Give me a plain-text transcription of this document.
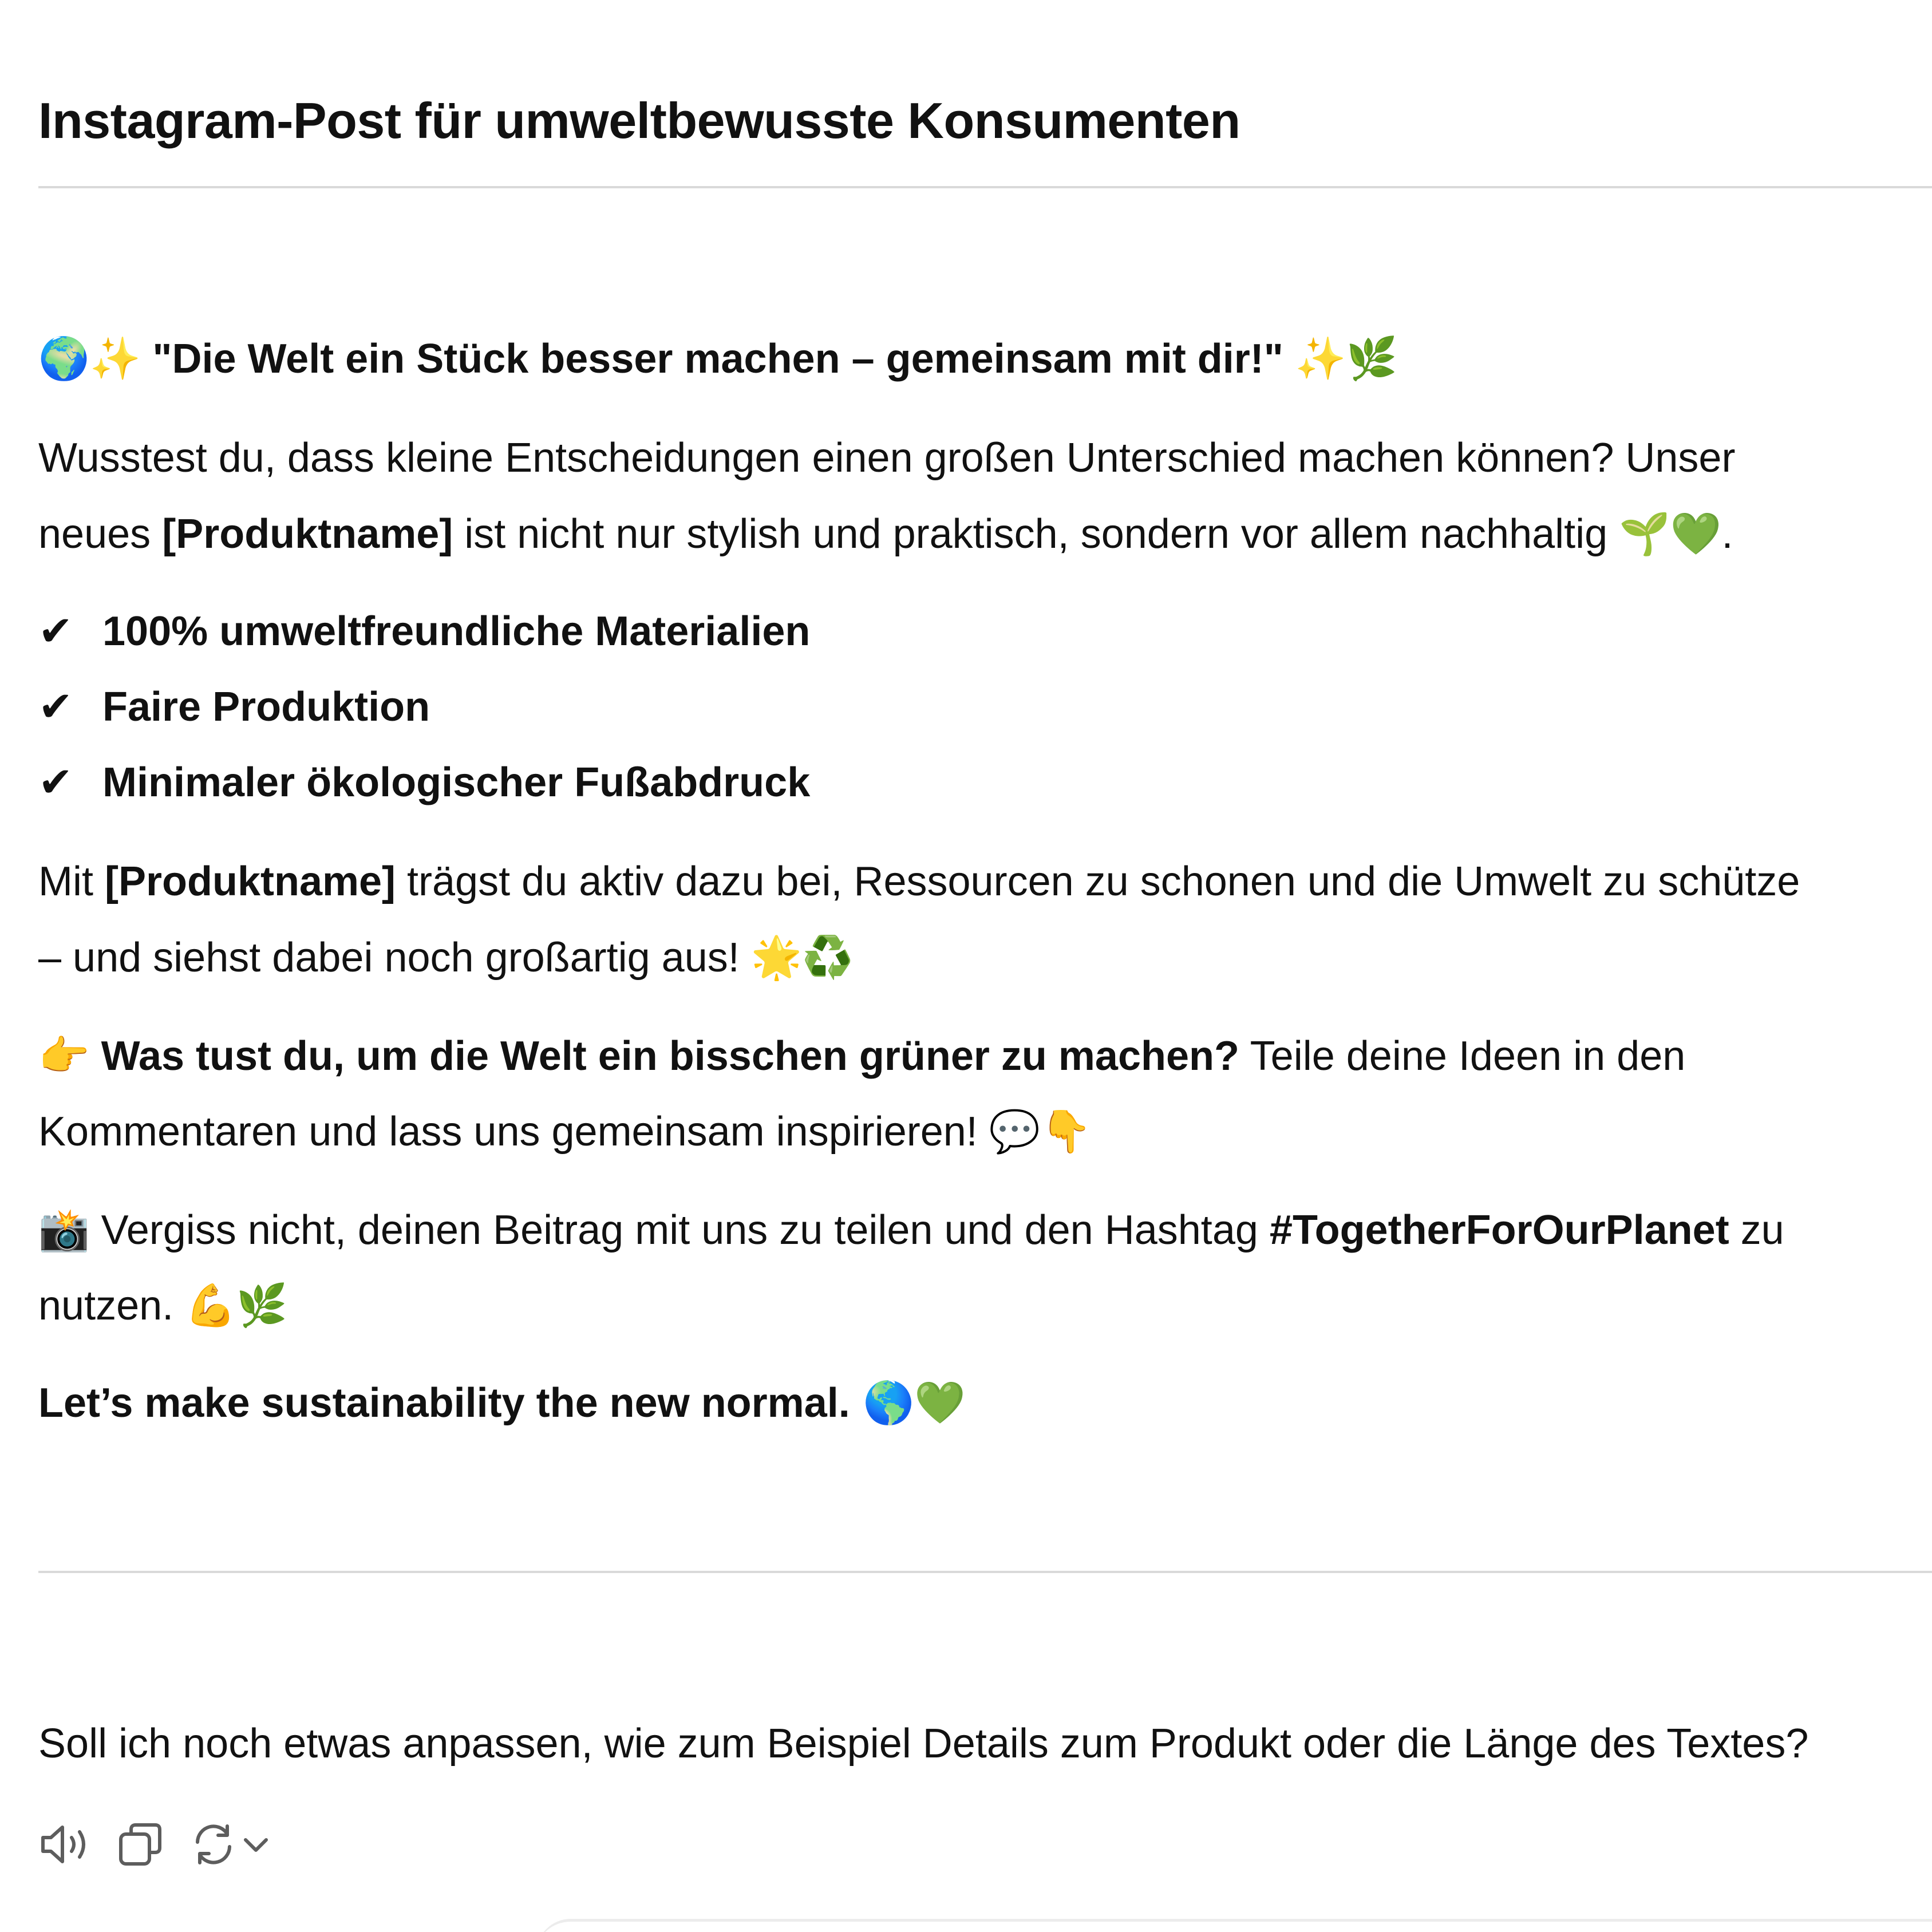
Instagram-Post für umweltbewusste Konsumenten
🌍✨ "Die Welt ein Stück besser machen – gemeinsam mit dir!" ✨🌿
Wusstest du, dass kleine Entscheidungen einen großen Unterschied machen können? Unser
neues [Produktname] ist nicht nur stylish und praktisch, sondern vor allem nachhaltig 🌱💚.
✔ 100% umweltfreundliche Materialien
✔ Faire Produktion
✔ Minimaler ökologischer Fußabdruck
Mit [Produktname] trägst du aktiv dazu bei, Ressourcen zu schonen und die Umwelt zu schütze
– und siehst dabei noch großartig aus! 🌟♻️
👉 Was tust du, um die Welt ein bisschen grüner zu machen? Teile deine Ideen in den
Kommentaren und lass uns gemeinsam inspirieren! 💬👇
📸 Vergiss nicht, deinen Beitrag mit uns zu teilen und den Hashtag #TogetherForOurPlanet zu
nutzen. 💪🌿
Let’s make sustainability the new normal. 🌎💚
Soll ich noch etwas anpassen, wie zum Beispiel Details zum Produkt oder die Länge des Textes?
